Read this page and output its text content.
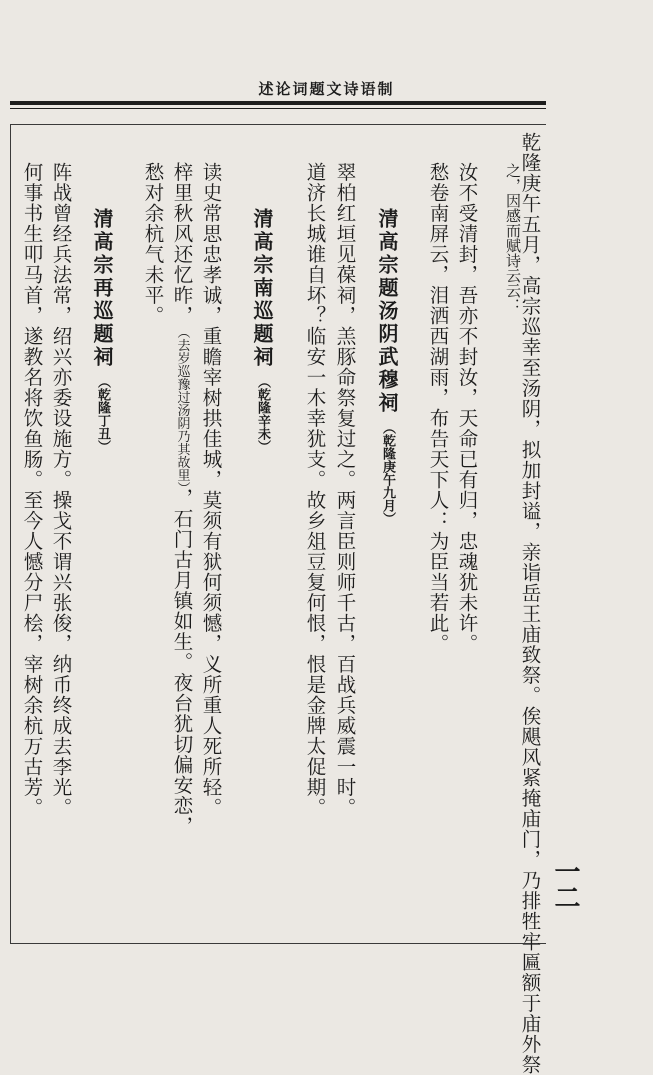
述论词题文诗语制
乾隆庚午五月，高宗巡幸至汤阴，拟加封谥，亲诣岳王庙致祭。俟飓风紧掩庙门，乃排牲牢匾额于庙外祭
之，因感而赋诗云云：
汝不受清封，吾亦不封汝，天命已有归，忠魂犹未许。
愁卷南屏云，泪洒西湖雨，布告天下人：为臣当若此。
清高宗题汤阴武穆祠（乾隆庚午九月）
翠柏红垣见葆祠，羔豚命祭复过之。两言臣则师千古，百战兵威震一时。
道济长城谁自坏？临安一木幸犹支。故乡俎豆复何恨，恨是金牌太促期。
清高宗南巡题祠（乾隆辛未）
读史常思忠孝诚，重瞻宰树拱佳城，莫须有狱何须憾，义所重人死所轻。
梓里秋风还忆昨，（去岁巡豫过汤阴乃其故里），石门古月镇如生。夜台犹切偏安恋，
愁对余杭气未平。
清高宗再巡题祠（乾隆丁丑）
阵战曾经兵法常，绍兴亦委设施方。操戈不谓兴张俊，纳币终成去李光。
何事书生叩马首，遂教名将饮鱼肠。至今人憾分尸桧，宰树余杭万古芳。
一二
